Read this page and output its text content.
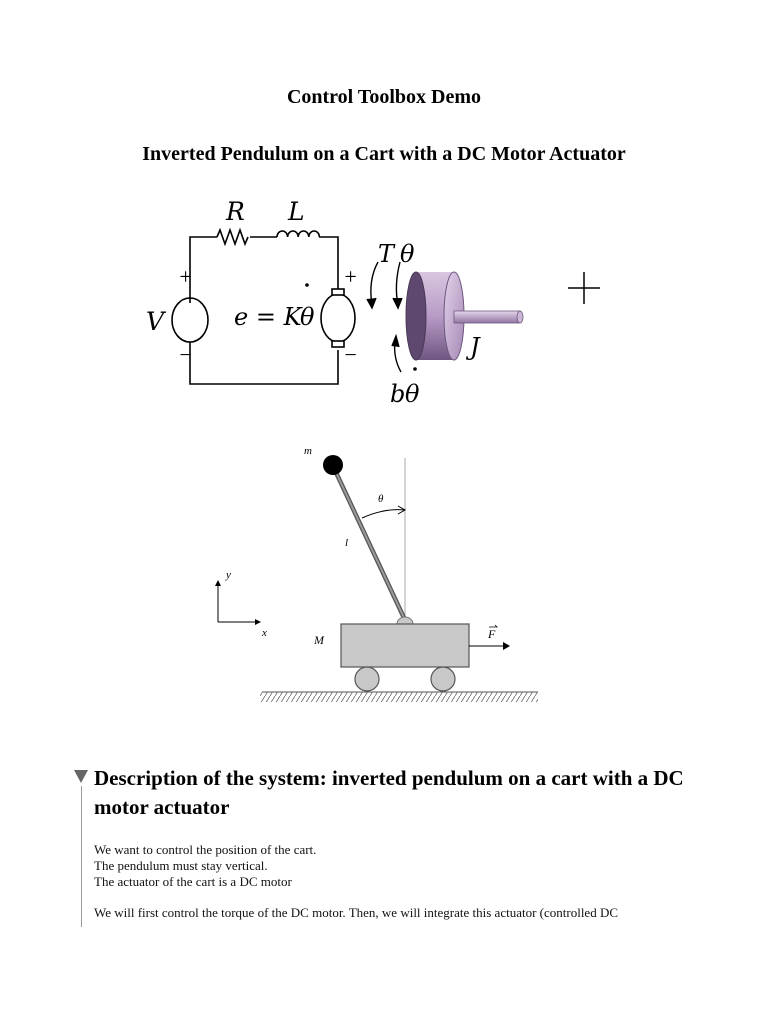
Control Toolbox Demo
Inverted Pendulum on a Cart with a DC Motor Actuator
+
−
+
−
R L
V	e = K
θ
T θ
b θ
J
m
θ
l
y
x	M	F
Description of the system: inverted pendulum on a cart with a DC motor actuator
We want to control the position of the cart.
The pendulum must stay vertical.
The actuator of the cart is a DC motor
We will first control the torque of the DC motor. Then, we will integrate this actuator (controlled DC
